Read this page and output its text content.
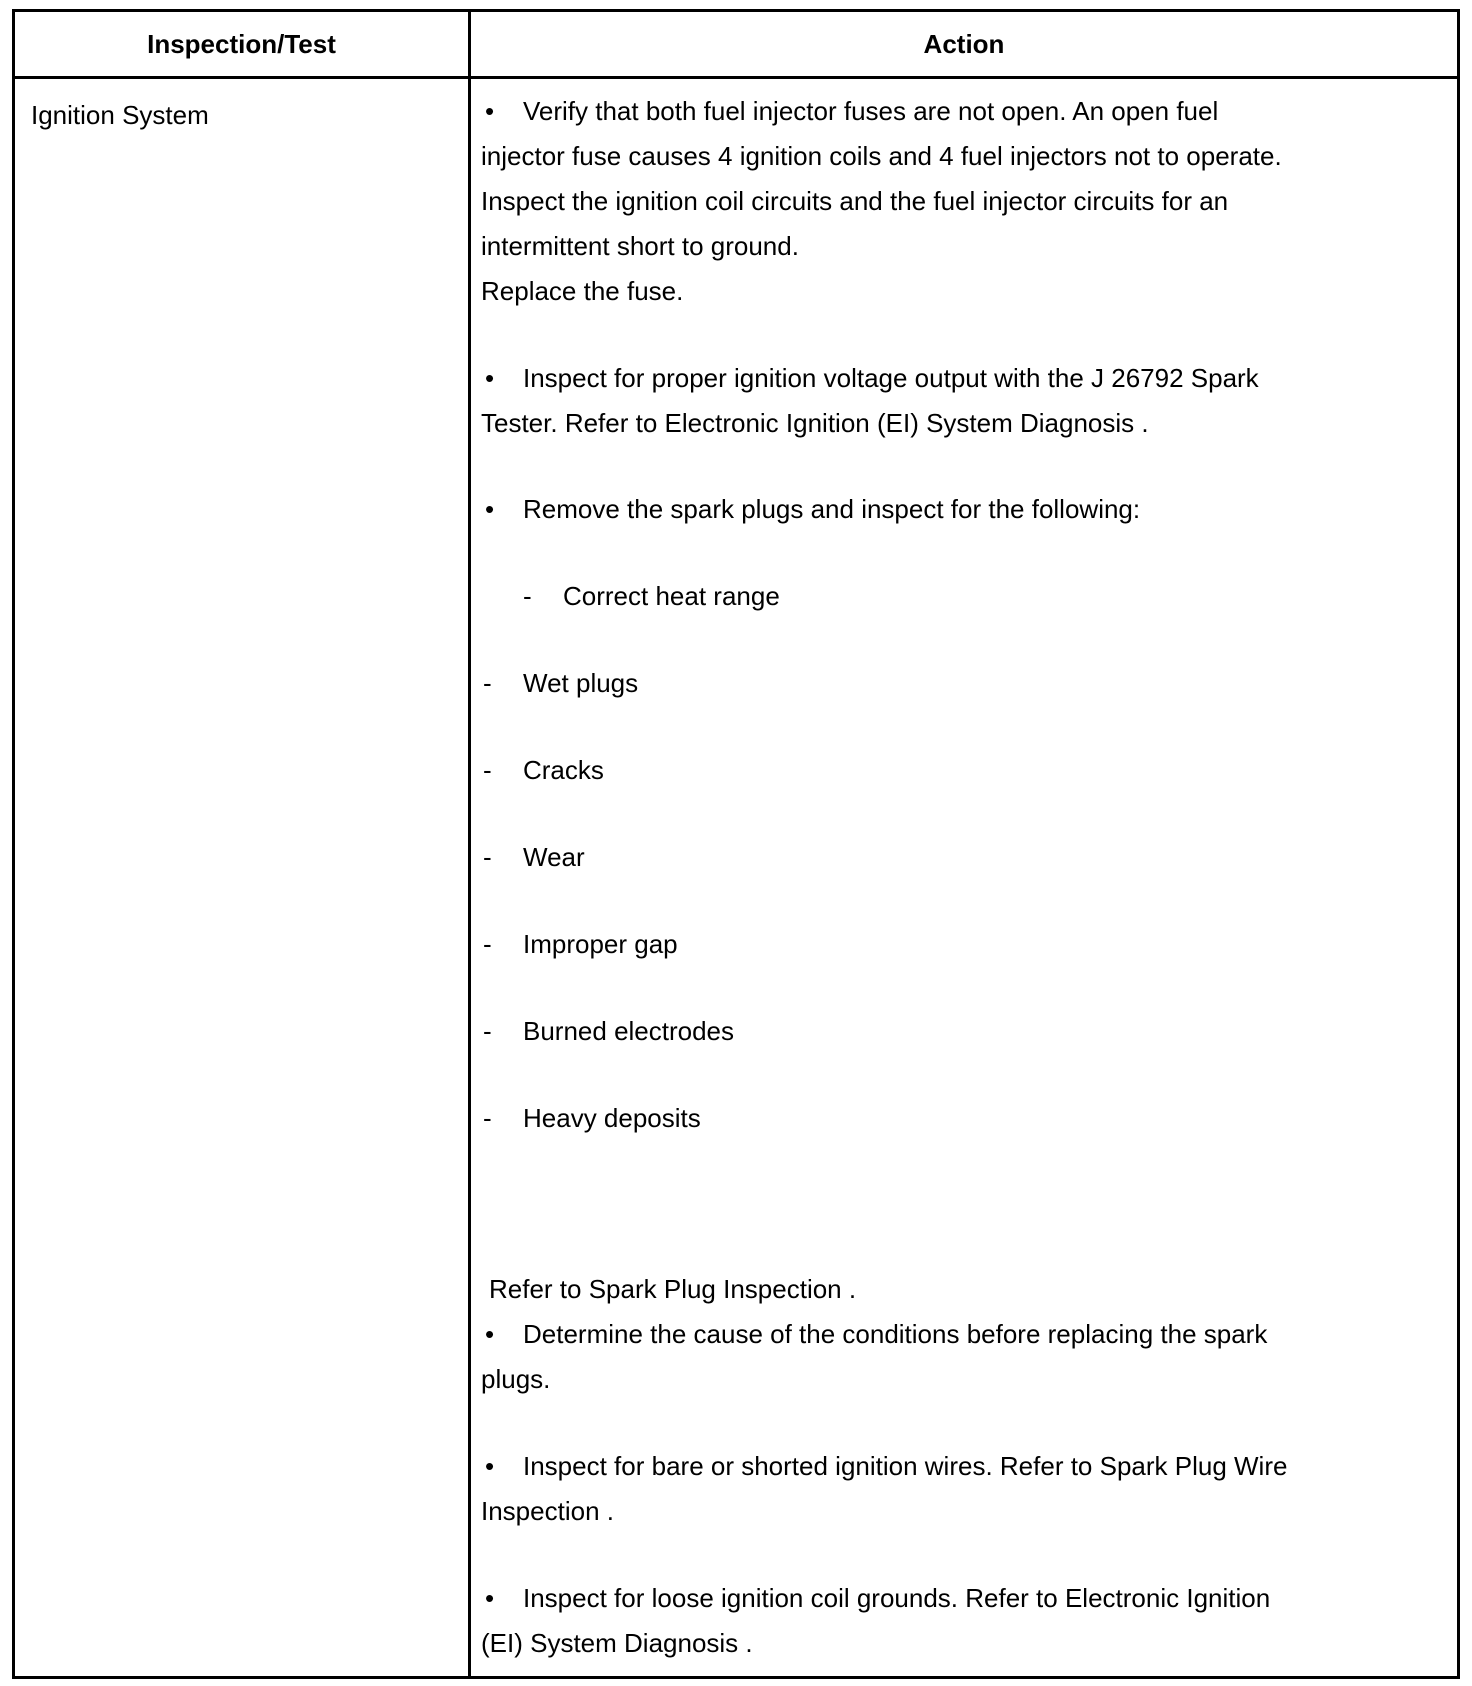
Inspection/Test	Action
Ignition System	• Verify that both fuel injector fuses are not open. An open fuel
injector fuse causes 4 ignition coils and 4 fuel injectors not to operate.
Inspect the ignition coil circuits and the fuel injector circuits for an
intermittent short to ground.
Replace the fuse.
• Inspect for proper ignition voltage output with the J 26792 Spark
Tester. Refer to Electronic Ignition (EI) System Diagnosis .
• Remove the spark plugs and inspect for the following:
- Correct heat range
- Wet plugs
- Cracks
- Wear
- Improper gap
- Burned electrodes
- Heavy deposits
Refer to Spark Plug Inspection .
• Determine the cause of the conditions before replacing the spark
plugs.
• Inspect for bare or shorted ignition wires. Refer to Spark Plug Wire
Inspection .
• Inspect for loose ignition coil grounds. Refer to Electronic Ignition
(EI) System Diagnosis .
